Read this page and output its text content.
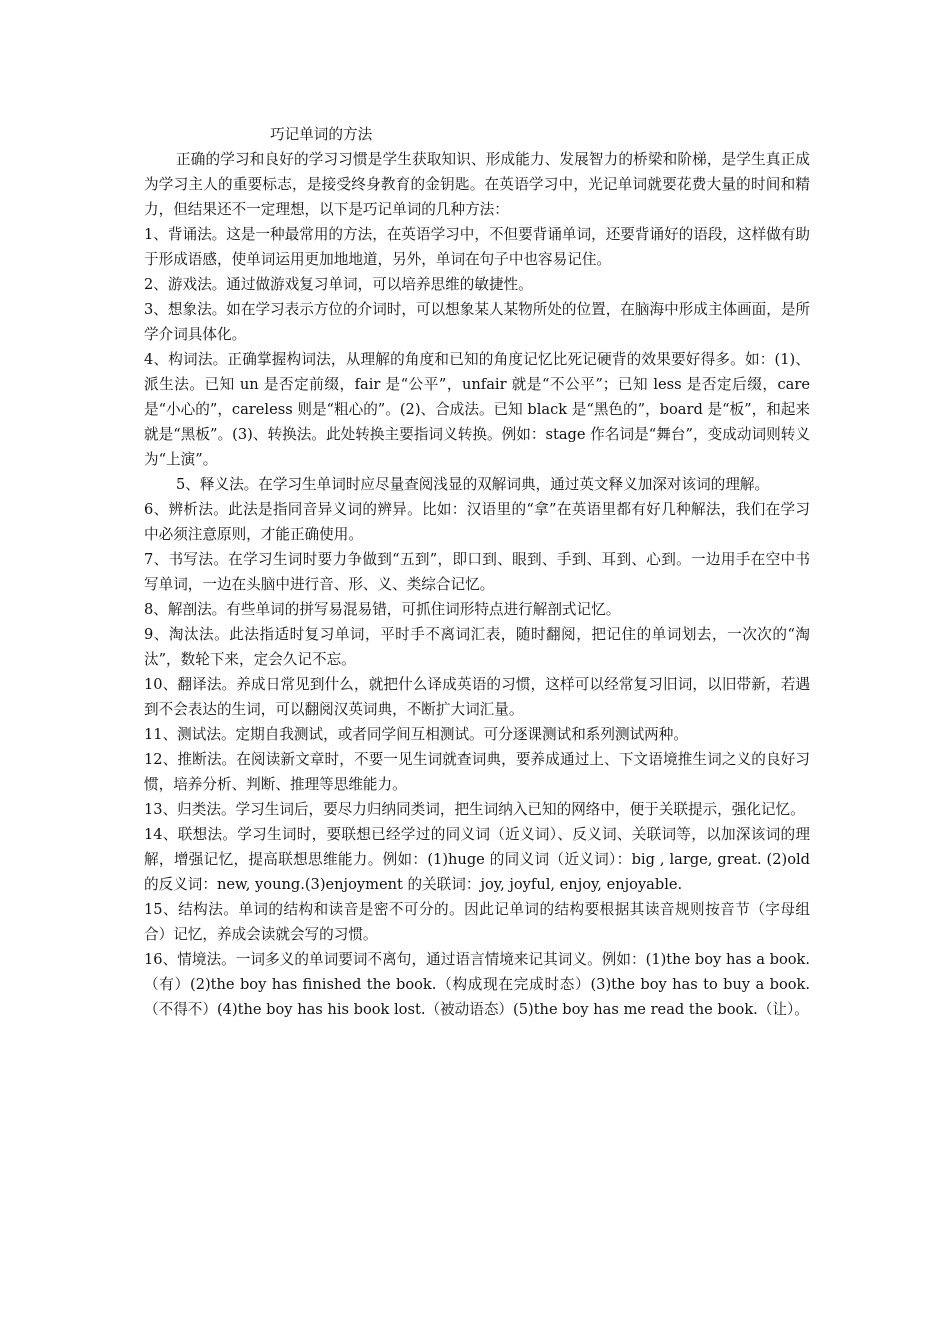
巧记单词的方法

正确的学习和良好的学习习惯是学生获取知识、形成能力、发展智力的桥梁和阶梯，是学生真正成为学习主人的重要标志，是接受终身教育的金钥匙。在英语学习中，光记单词就要花费大量的时间和精力，但结果还不一定理想，以下是巧记单词的几种方法：

1、背诵法。这是一种最常用的方法，在英语学习中，不但要背诵单词，还要背诵好的语段，这样做有助于形成语感，使单词运用更加地地道，另外，单词在句子中也容易记住。

2、游戏法。通过做游戏复习单词，可以培养思维的敏捷性。

3、想象法。如在学习表示方位的介词时，可以想象某人某物所处的位置，在脑海中形成主体画面，是所学介词具体化。

4、构词法。正确掌握构词法，从理解的角度和已知的角度记忆比死记硬背的效果要好得多。如：(1)、派生法。已知 un 是否定前缀，fair 是“公平”，unfair 就是“不公平”；已知 less 是否定后缀，care 是“小心的”，careless 则是“粗心的”。(2)、合成法。已知 black 是“黑色的”，board 是“板”，和起来就是“黑板”。(3)、转换法。此处转换主要指词义转换。例如：stage 作名词是“舞台”，变成动词则转义为“上演”。

5、释义法。在学习生单词时应尽量查阅浅显的双解词典，通过英文释义加深对该词的理解。

6、辨析法。此法是指同音异义词的辨异。比如：汉语里的“拿”在英语里都有好几种解法，我们在学习中必须注意原则，才能正确使用。

7、书写法。在学习生词时要力争做到“五到”，即口到、眼到、手到、耳到、心到。一边用手在空中书写单词，一边在头脑中进行音、形、义、类综合记忆。

8、解剖法。有些单词的拼写易混易错，可抓住词形特点进行解剖式记忆。

9、淘汰法。此法指适时复习单词，平时手不离词汇表，随时翻阅，把记住的单词划去，一次次的“淘汰”，数轮下来，定会久记不忘。

10、翻译法。养成日常见到什么，就把什么译成英语的习惯，这样可以经常复习旧词，以旧带新，若遇到不会表达的生词，可以翻阅汉英词典，不断扩大词汇量。

11、测试法。定期自我测试，或者同学间互相测试。可分逐课测试和系列测试两种。

12、推断法。在阅读新文章时，不要一见生词就查词典，要养成通过上、下文语境推生词之义的良好习惯，培养分析、判断、推理等思维能力。

13、归类法。学习生词后，要尽力归纳同类词，把生词纳入已知的网络中，便于关联提示，强化记忆。

14、联想法。学习生词时，要联想已经学过的同义词（近义词）、反义词、关联词等，以加深该词的理解，增强记忆，提高联想思维能力。例如：(1)huge 的同义词（近义词）：big , large, great. (2)old 的反义词：new, young.(3)enjoyment 的关联词：joy, joyful, enjoy, enjoyable.

15、结构法。单词的结构和读音是密不可分的。因此记单词的结构要根据其读音规则按音节（字母组合）记忆，养成会读就会写的习惯。

16、情境法。一词多义的单词要词不离句，通过语言情境来记其词义。例如：(1)the boy has a book.（有）(2)the boy has finished the book.（构成现在完成时态）(3)the boy has to buy a book.（不得不）(4)the boy has his book lost.（被动语态）(5)the boy has me read the book.（让）。
